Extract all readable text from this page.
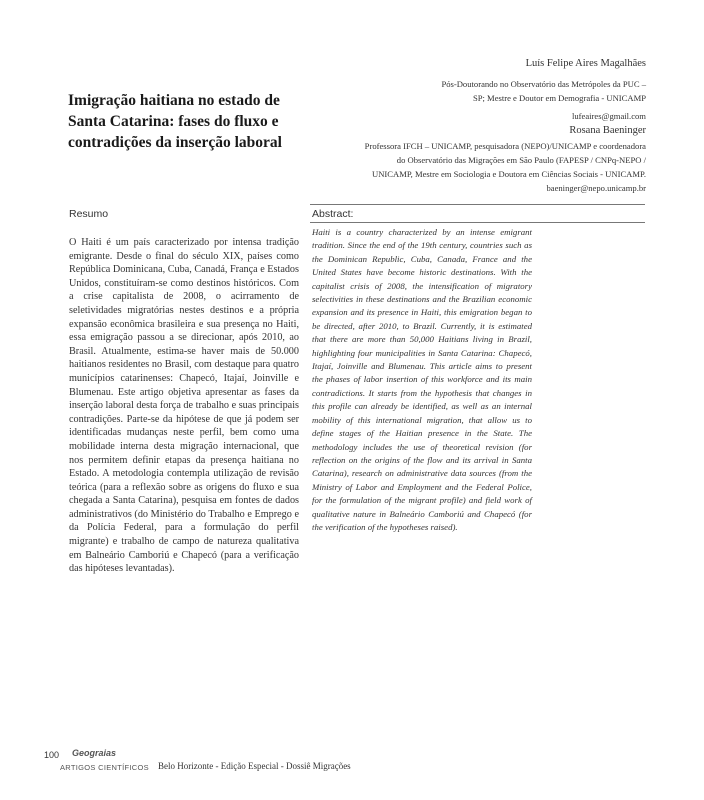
Imigração haitiana no estado de Santa Catarina: fases do fluxo e contradições da inserção laboral
Luís Felipe Aires Magalhães
Pós-Doutorando no Observatório das Metrópoles da PUC –
SP; Mestre e Doutor em Demografia - UNICAMP
lufeaires@gmail.com
Rosana Baeninger
Professora IFCH – UNICAMP, pesquisadora (NEPO)/UNICAMP e coordenadora
do Observatório das Migrações em São Paulo (FAPESP / CNPq-NEPO /
UNICAMP, Mestre em Sociologia e Doutora em Ciências Sociais - UNICAMP.
baeninger@nepo.unicamp.br
Resumo
O Haiti é um país caracterizado por intensa tradição emigrante. Desde o final do século XIX, países como República Dominicana, Cuba, Canadá, França e Estados Unidos, constituíram-se como destinos históricos. Com a crise capitalista de 2008, o acirramento de seletividades migratórias nestes destinos e a própria expansão econômica brasileira e sua presença no Haiti, essa emigração passou a se direcionar, após 2010, ao Brasil. Atualmente, estima-se haver mais de 50.000 haitianos residentes no Brasil, com destaque para quatro municípios catarinenses: Chapecó, Itajaí, Joinville e Blumenau. Este artigo objetiva apresentar as fases da inserção laboral desta força de trabalho e suas principais contradições. Parte-se da hipótese de que já podem ser identificadas mudanças neste perfil, bem como uma mobilidade interna desta migração internacional, que nos permitem definir etapas da presença haitiana no Estado. A metodologia contempla utilização de revisão teórica (para a reflexão sobre as origens do fluxo e sua chegada a Santa Catarina), pesquisa em fontes de dados administrativos (do Ministério do Trabalho e Emprego e da Polícia Federal, para a formulação do perfil migrante) e trabalho de campo de natureza qualitativa em Balneário Camboriú e Chapecó (para a verificação das hipóteses levantadas).
Abstract:
Haiti is a country characterized by an intense emigrant tradition. Since the end of the 19th century, countries such as the Dominican Republic, Cuba, Canada, France and the United States have become historic destinations. With the capitalist crisis of 2008, the intensification of migratory selectivities in these destinations and the Brazilian economic expansion and its presence in Haiti, this emigration began to be directed, after 2010, to Brazil. Currently, it is estimated that there are more than 50,000 Haitians living in Brazil, highlighting four municipalities in Santa Catarina: Chapecó, Itajaí, Joinville and Blumenau. This article aims to present the phases of labor insertion of this workforce and its main contradictions. It starts from the hypothesis that changes in this profile can already be identified, as well as an internal mobility of this international migration, that allow us to define stages of the Haitian presence in the State. The methodology includes the use of theoretical revision (for reflection on the origins of the flow and its arrival in Santa Catarina), research on administrative data sources (from the Ministry of Labor and Employment and the Federal Police, for the formulation of the migrant profile) and field work of qualitative nature in Balneário Camboriú and Chapecó (for the verification of the hypotheses raised).
100 Geograias
ARTIGOS CIENTÍFICOS Belo Horizonte - Edição Especial - Dossiê Migrações
